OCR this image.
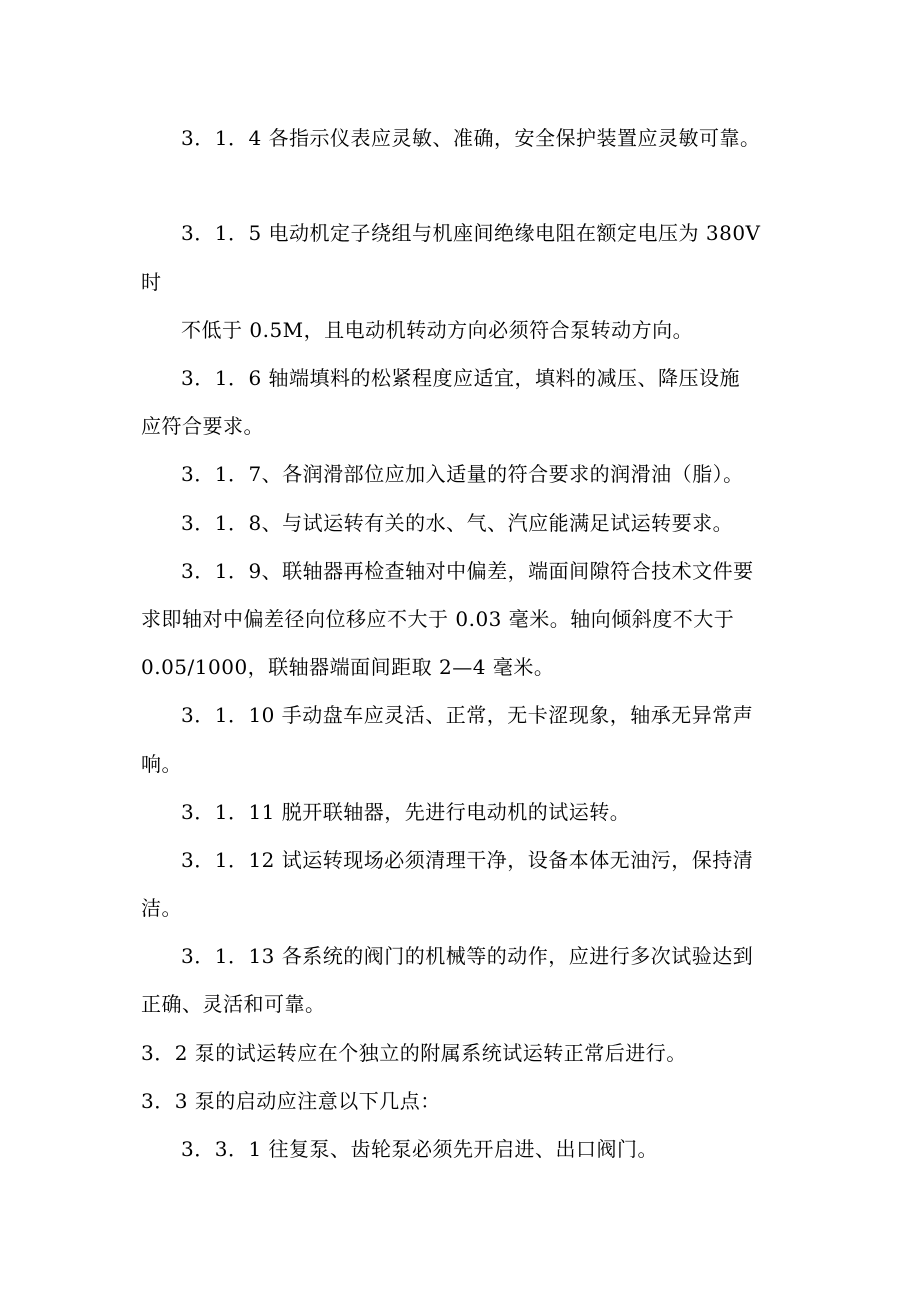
3．1．4 各指示仪表应灵敏、准确，安全保护装置应灵敏可靠。
3．1．5 电动机定子绕组与机座间绝缘电阻在额定电压为 380V
时
不低于 0.5M，且电动机转动方向必须符合泵转动方向。
3．1．6 轴端填料的松紧程度应适宜，填料的减压、降压设施
应符合要求。
3．1．7、各润滑部位应加入适量的符合要求的润滑油（脂）。
3．1．8、与试运转有关的水、气、汽应能满足试运转要求。
3．1．9、联轴器再检查轴对中偏差，端面间隙符合技术文件要
求即轴对中偏差径向位移应不大于 0.03 毫米。轴向倾斜度不大于
0.05/1000，联轴器端面间距取 2—4 毫米。
3．1．10 手动盘车应灵活、正常，无卡涩现象，轴承无异常声
响。
3．1．11 脱开联轴器，先进行电动机的试运转。
3．1．12 试运转现场必须清理干净，设备本体无油污，保持清
洁。
3．1．13 各系统的阀门的机械等的动作，应进行多次试验达到
正确、灵活和可靠。
3．2 泵的试运转应在个独立的附属系统试运转正常后进行。
3．3 泵的启动应注意以下几点：
3．3．1 往复泵、齿轮泵必须先开启进、出口阀门。
